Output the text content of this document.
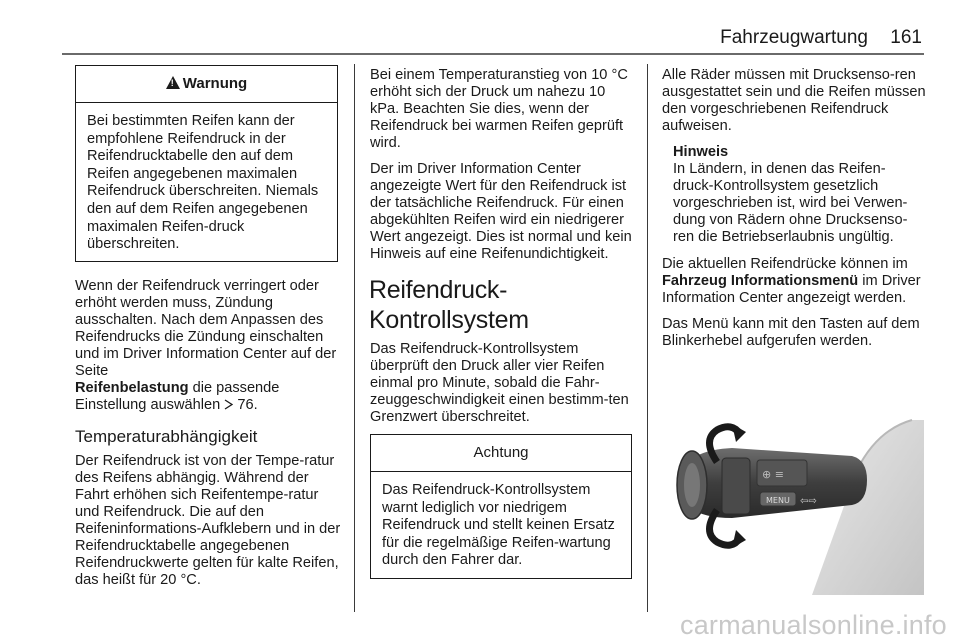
Fahrzeugwartung	161
!Warnung

Bei bestimmten Reifen kann der empfohlene Reifendruck in der Reifendrucktabelle den auf dem Reifen angegebenen maximalen Reifendruck überschreiten. Niemals den auf dem Reifen angegebenen maximalen Reifen-druck überschreiten.

Wenn der Reifendruck verringert oder erhöht werden muss, Zündung ausschalten. Nach dem Anpassen des Reifendrucks die Zündung einschalten und im Driver Information Center auf der Seite
Reifenbelastung die passende Einstellung auswählen  76.

Temperaturabhängigkeit

Der Reifendruck ist von der Tempe-ratur des Reifens abhängig. Während der Fahrt erhöhen sich Reifentempe-ratur und Reifendruck. Die auf den Reifeninformations-Aufklebern und in der Reifendrucktabelle angegebenen Reifendruckwerte gelten für kalte Reifen, das heißt für 20 °C.

Bei einem Temperaturanstieg von 10 °C erhöht sich der Druck um nahezu 10 kPa. Beachten Sie dies, wenn der Reifendruck bei warmen Reifen geprüft wird.

Der im Driver Information Center angezeigte Wert für den Reifendruck ist der tatsächliche Reifendruck. Für einen abgekühlten Reifen wird ein niedrigerer Wert angezeigt. Dies ist normal und kein Hinweis auf eine Reifenundichtigkeit.

Reifendruck-Kontrollsystem

Das Reifendruck-Kontrollsystem überprüft den Druck aller vier Reifen einmal pro Minute, sobald die Fahr-zeuggeschwindigkeit einen bestimm-ten Grenzwert überschreitet.

Achtung

Das Reifendruck-Kontrollsystem warnt lediglich vor niedrigem Reifendruck und stellt keinen Ersatz für die regelmäßige Reifen-wartung durch den Fahrer dar.

Alle Räder müssen mit Drucksenso-ren ausgestattet sein und die Reifen müssen den vorgeschriebenen Reifendruck aufweisen.

Hinweis
In Ländern, in denen das Reifen-druck-Kontrollsystem gesetzlich vorgeschrieben ist, wird bei Verwen-dung von Rädern ohne Drucksenso-ren die Betriebserlaubnis ungültig.

Die aktuellen Reifendrücke können im Fahrzeug Informationsmenü im Driver Information Center angezeigt werden.

Das Menü kann mit den Tasten auf dem Blinkerhebel aufgerufen werden.

⊕ ≡
MENU ⇦⇨
carmanualsonline.info
